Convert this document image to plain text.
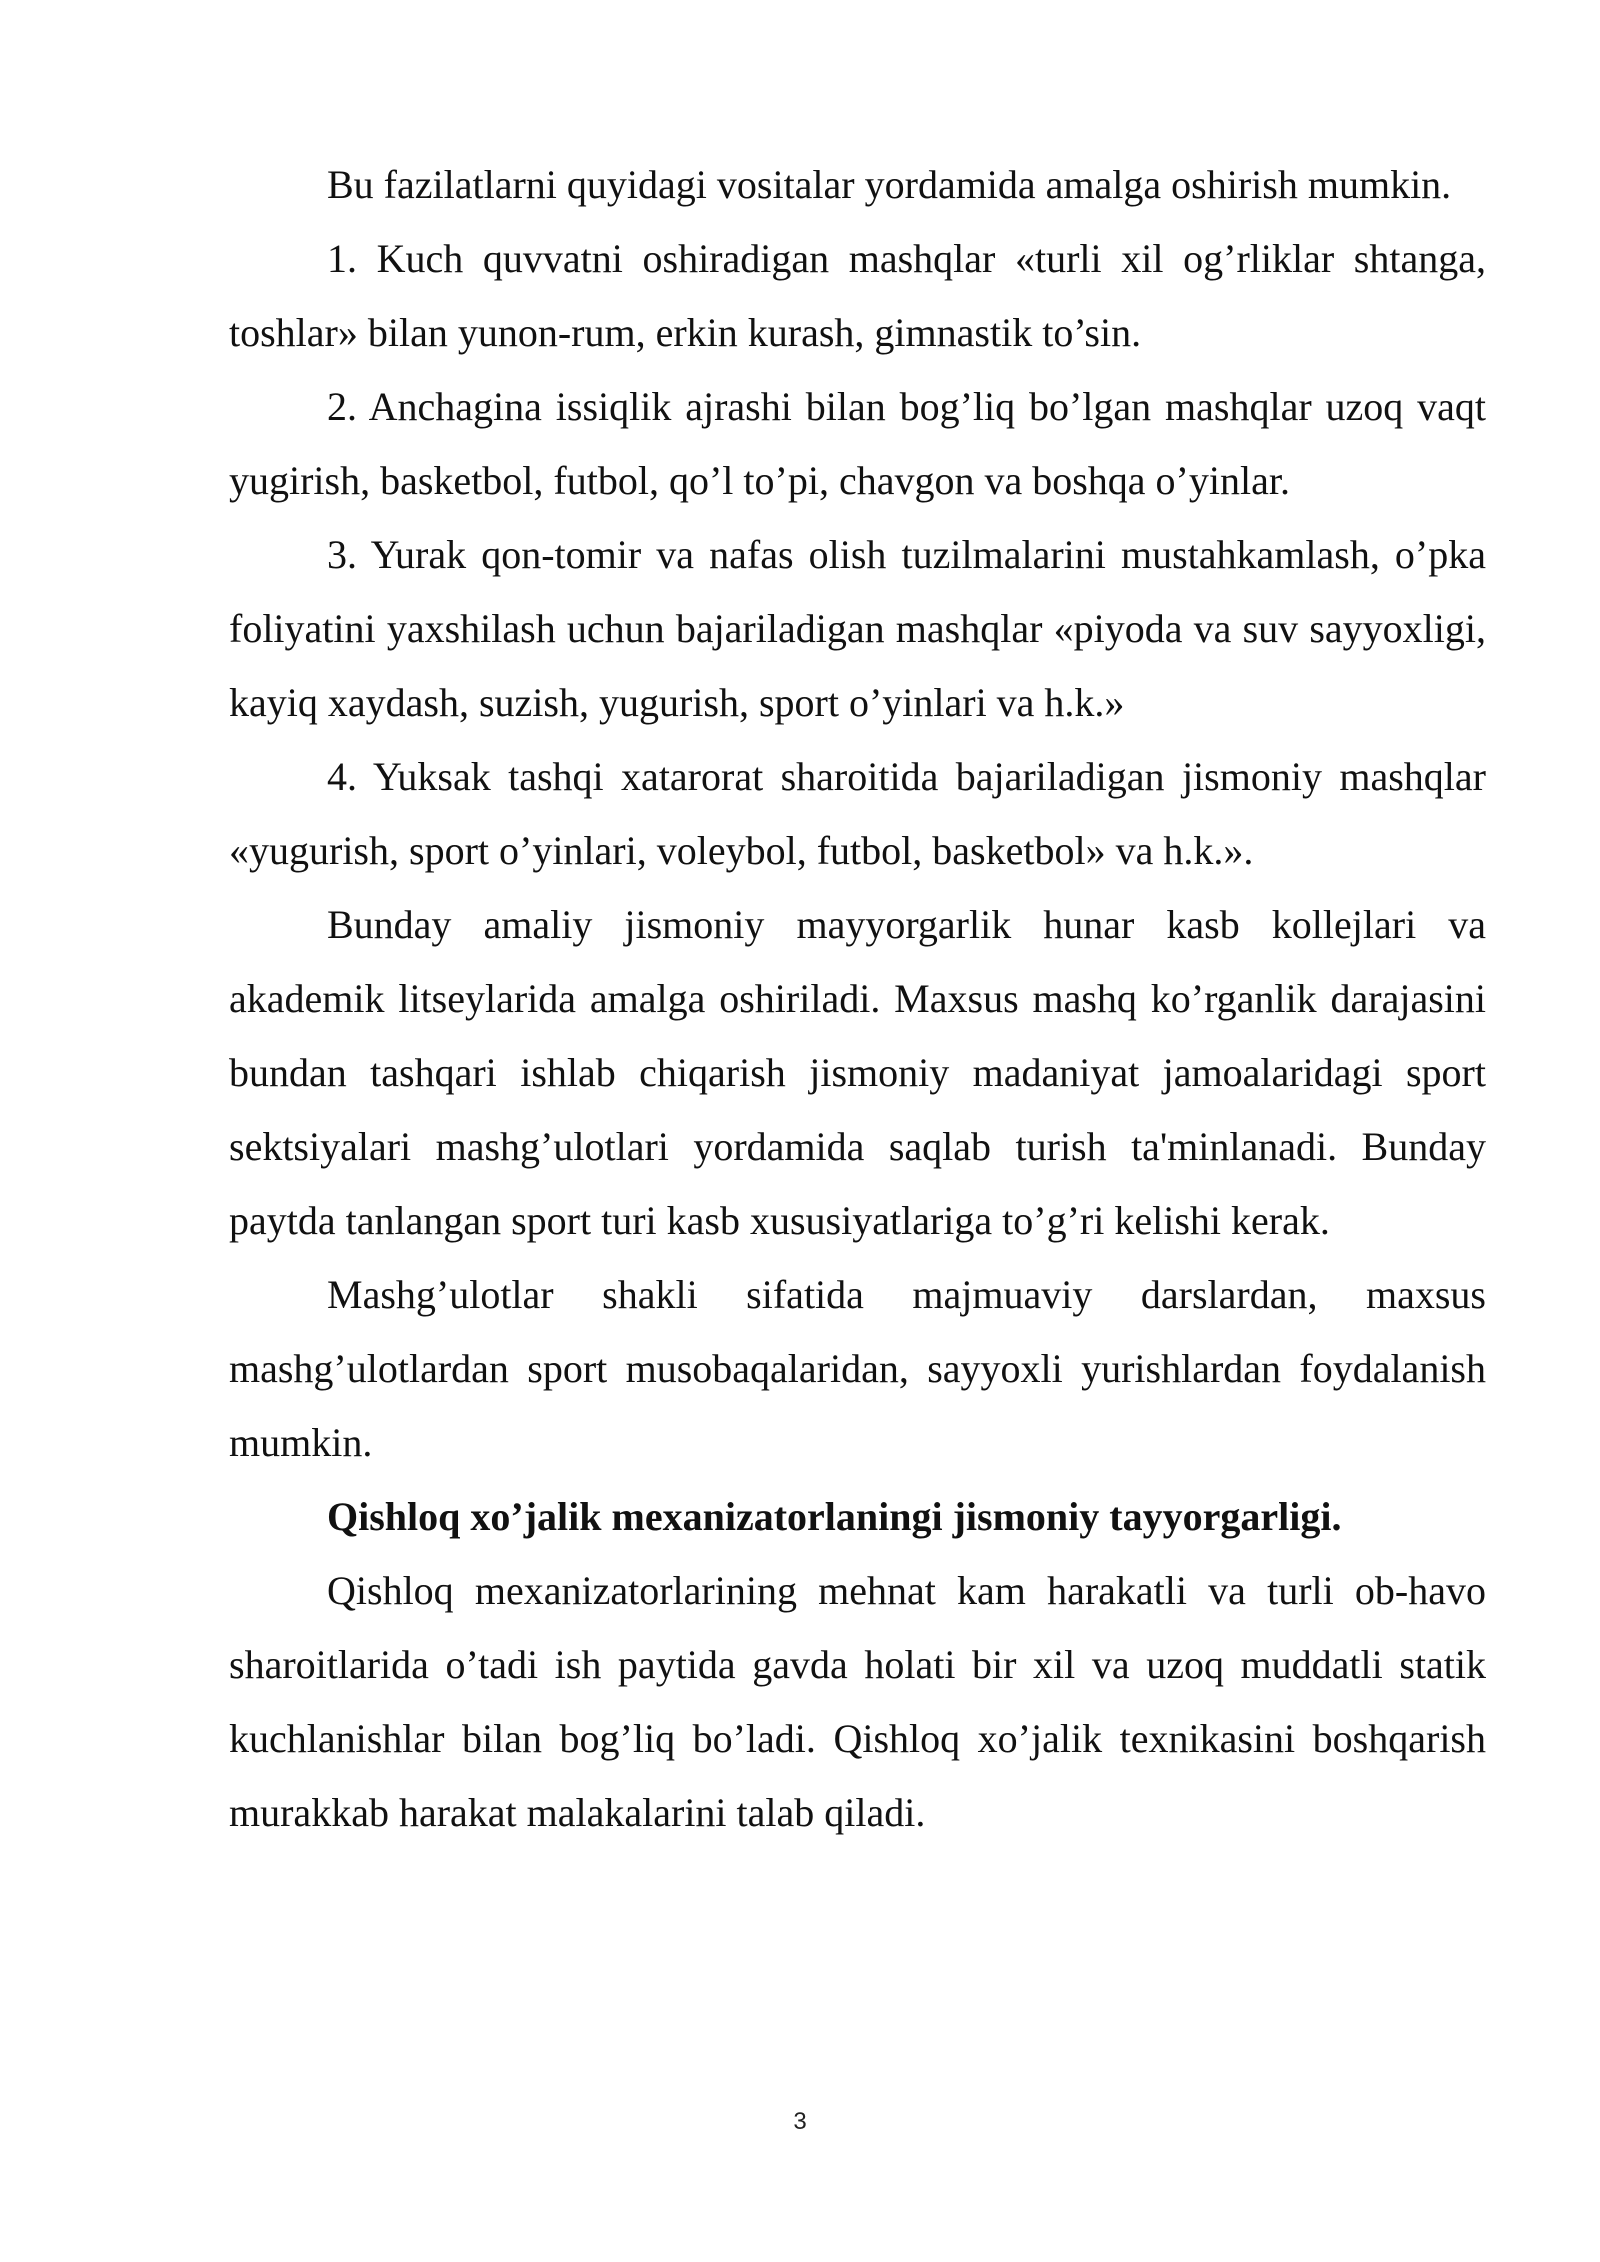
Bu fazilatlarni quyidagi vositalar yordamida amalga oshirish mumkin.

1. Kuch quvvatni oshiradigan mashqlar «turli xil og’rliklar shtanga, toshlar» bilan yunon-rum, erkin kurash, gimnastik to’sin.

2. Anchagina issiqlik ajrashi bilan bog’liq bo’lgan mashqlar uzoq vaqt yugirish, basketbol, futbol, qo’l to’pi, chavgon va boshqa o’yinlar.

3. Yurak qon-tomir va nafas olish tuzilmalarini mustahkamlash, o’pka foliyatini yaxshilash uchun bajariladigan mashqlar «piyoda va suv sayyoxligi, kayiq xaydash, suzish, yugurish, sport o’yinlari va h.k.»

4. Yuksak tashqi xatarorat sharoitida bajariladigan jismoniy mashqlar «yugurish, sport o’yinlari, voleybol, futbol, basketbol» va h.k.».

Bunday amaliy jismoniy mayyorgarlik hunar kasb kollejlari va akademik litseylarida amalga oshiriladi. Maxsus mashq ko’rganlik darajasini bundan tashqari ishlab chiqarish jismoniy madaniyat jamoalaridagi sport sektsiyalari mashg’ulotlari yordamida saqlab turish ta'minlanadi. Bunday paytda tanlangan sport turi kasb xususiyatlariga to’g’ri kelishi kerak.

Mashg’ulotlar shakli sifatida majmuaviy darslardan, maxsus mashg’ulotlardan sport musobaqalaridan, sayyoxli yurishlardan foydalanish mumkin.

Qishloq xo’jalik mexanizatorlaningi jismoniy tayyorgarligi.

Qishloq mexanizatorlarining mehnat kam harakatli va turli ob-havo sharoitlarida o’tadi ish paytida gavda holati bir xil va uzoq muddatli statik kuchlanishlar bilan bog’liq bo’ladi. Qishloq xo’jalik texnikasini boshqarish murakkab harakat malakalarini talab qiladi.

3
